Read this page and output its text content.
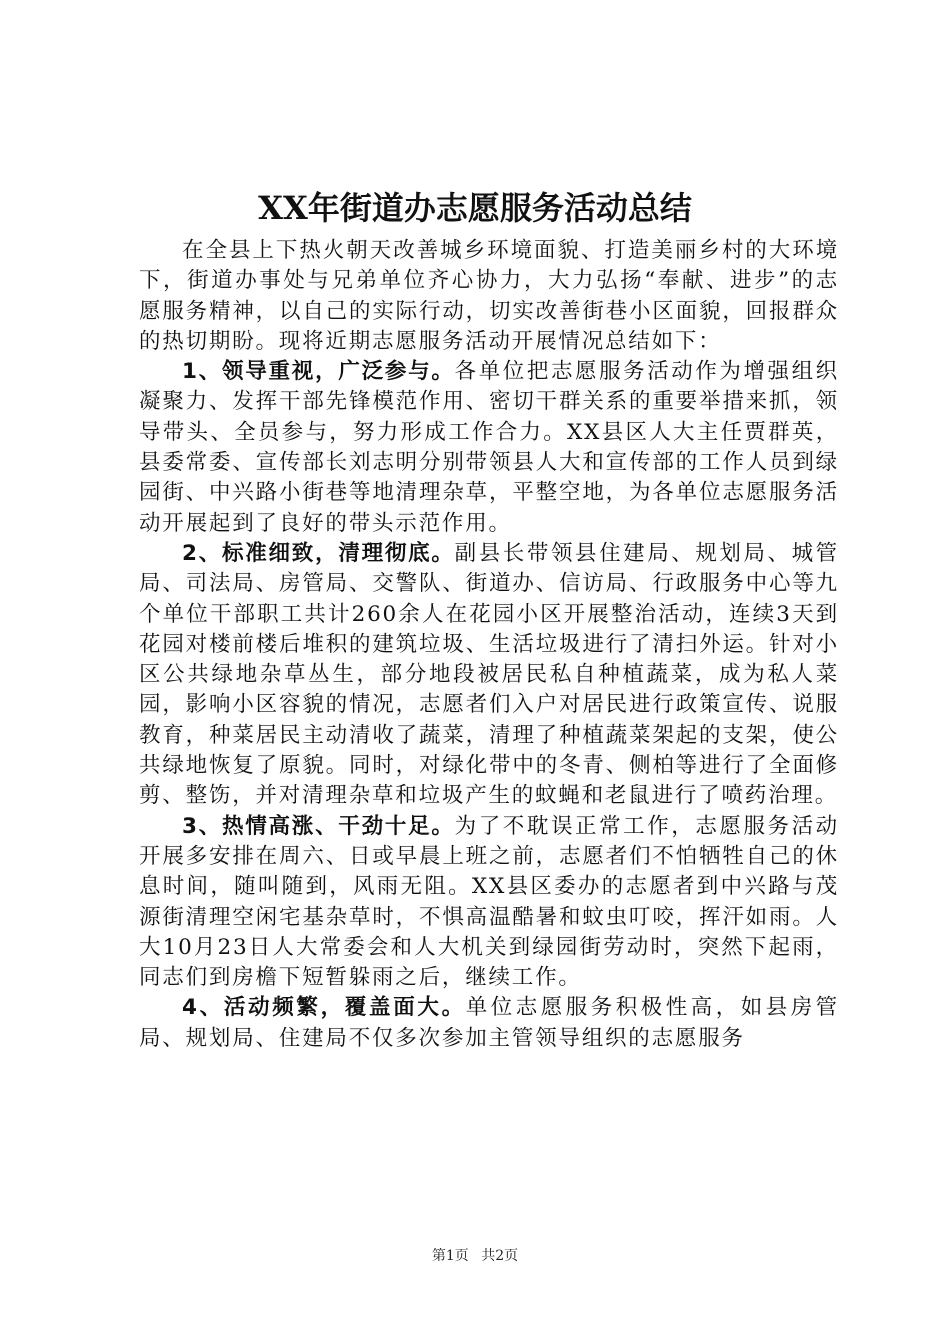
XX年街道办志愿服务活动总结

在全县上下热火朝天改善城乡环境面貌、打造美丽乡村的大环境下，街道办事处与兄弟单位齐心协力，大力弘扬“奉献、进步”的志愿服务精神，以自己的实际行动，切实改善街巷小区面貌，回报群众的热切期盼。现将近期志愿服务活动开展情况总结如下：

1、领导重视，广泛参与。各单位把志愿服务活动作为增强组织凝聚力、发挥干部先锋模范作用、密切干群关系的重要举措来抓，领导带头、全员参与，努力形成工作合力。XX县区人大主任贾群英，县委常委、宣传部长刘志明分别带领县人大和宣传部的工作人员到绿园街、中兴路小街巷等地清理杂草，平整空地，为各单位志愿服务活动开展起到了良好的带头示范作用。

2、标准细致，清理彻底。副县长带领县住建局、规划局、城管局、司法局、房管局、交警队、街道办、信访局、行政服务中心等九个单位干部职工共计260余人在花园小区开展整治活动，连续3天到花园对楼前楼后堆积的建筑垃圾、生活垃圾进行了清扫外运。针对小区公共绿地杂草丛生，部分地段被居民私自种植蔬菜，成为私人菜园，影响小区容貌的情况，志愿者们入户对居民进行政策宣传、说服教育，种菜居民主动清收了蔬菜，清理了种植蔬菜架起的支架，使公共绿地恢复了原貌。同时，对绿化带中的冬青、侧柏等进行了全面修剪、整饬，并对清理杂草和垃圾产生的蚊蝇和老鼠进行了喷药治理。

3、热情高涨、干劲十足。为了不耽误正常工作，志愿服务活动开展多安排在周六、日或早晨上班之前，志愿者们不怕牺牲自己的休息时间，随叫随到，风雨无阻。XX县区委办的志愿者到中兴路与茂源街清理空闲宅基杂草时，不惧高温酷暑和蚊虫叮咬，挥汗如雨。人大10月23日人大常委会和人大机关到绿园街劳动时，突然下起雨，同志们到房檐下短暂躲雨之后，继续工作。

4、活动频繁，覆盖面大。单位志愿服务积极性高，如县房管局、规划局、住建局不仅多次参加主管领导组织的志愿服务

第1页 共2页
